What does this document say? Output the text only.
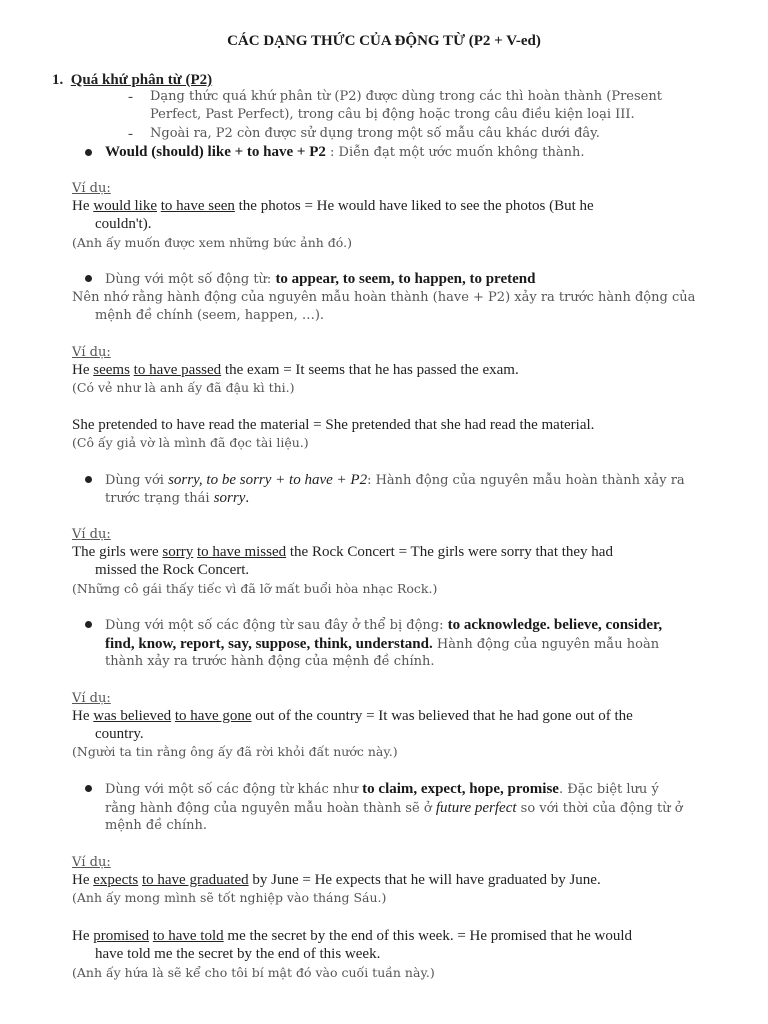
CÁC DẠNG THỨC CỦA ĐỘNG TỪ (P2 + V-ed)
1. Quá khứ phân từ (P2)
- Dạng thức quá khứ phân từ (P2) được dùng trong các thì hoàn thành (Present
Perfect, Past Perfect), trong câu bị động hoặc trong câu điều kiện loại III.
- Ngoài ra, P2 còn được sử dụng trong một số mẫu câu khác dưới đây.
Would (should) like + to have + P2 : Diễn đạt một ước muốn không thành.
Ví dụ:
He would like to have seen the photos = He would have liked to see the photos (But he
couldn't).
(Anh ấy muốn được xem những bức ảnh đó.)
Dùng với một số động từ: to appear, to seem, to happen, to pretend
Nên nhớ rằng hành động của nguyên mẫu hoàn thành (have + P2) xảy ra trước hành động của
mệnh đề chính (seem, happen, …).
Ví dụ:
He seems to have passed the exam = It seems that he has passed the exam.
(Có vẻ như là anh ấy đã đậu kì thi.)
She pretended to have read the material = She pretended that she had read the material.
(Cô ấy giả vờ là mình đã đọc tài liệu.)
Dùng với sorry, to be sorry + to have + P2: Hành động của nguyên mẫu hoàn thành xảy ra
trước trạng thái sorry.
Ví dụ:
The girls were sorry to have missed the Rock Concert = The girls were sorry that they had
missed the Rock Concert.
(Những cô gái thấy tiếc vì đã lỡ mất buổi hòa nhạc Rock.)
Dùng với một số các động từ sau đây ở thể bị động: to acknowledge. believe, consider,
find, know, report, say, suppose, think, understand. Hành động của nguyên mẫu hoàn
thành xảy ra trước hành động của mệnh đề chính.
Ví dụ:
He was believed to have gone out of the country = It was believed that he had gone out of the
country.
(Người ta tin rằng ông ấy đã rời khỏi đất nước này.)
Dùng với một số các động từ khác như to claim, expect, hope, promise. Đặc biệt lưu ý
rằng hành động của nguyên mẫu hoàn thành sẽ ở future perfect so với thời của động từ ở
mệnh đề chính.
Ví dụ:
He expects to have graduated by June = He expects that he will have graduated by June.
(Anh ấy mong mình sẽ tốt nghiệp vào tháng Sáu.)
He promised to have told me the secret by the end of this week. = He promised that he would
have told me the secret by the end of this week.
(Anh ấy hứa là sẽ kể cho tôi bí mật đó vào cuối tuần này.)
